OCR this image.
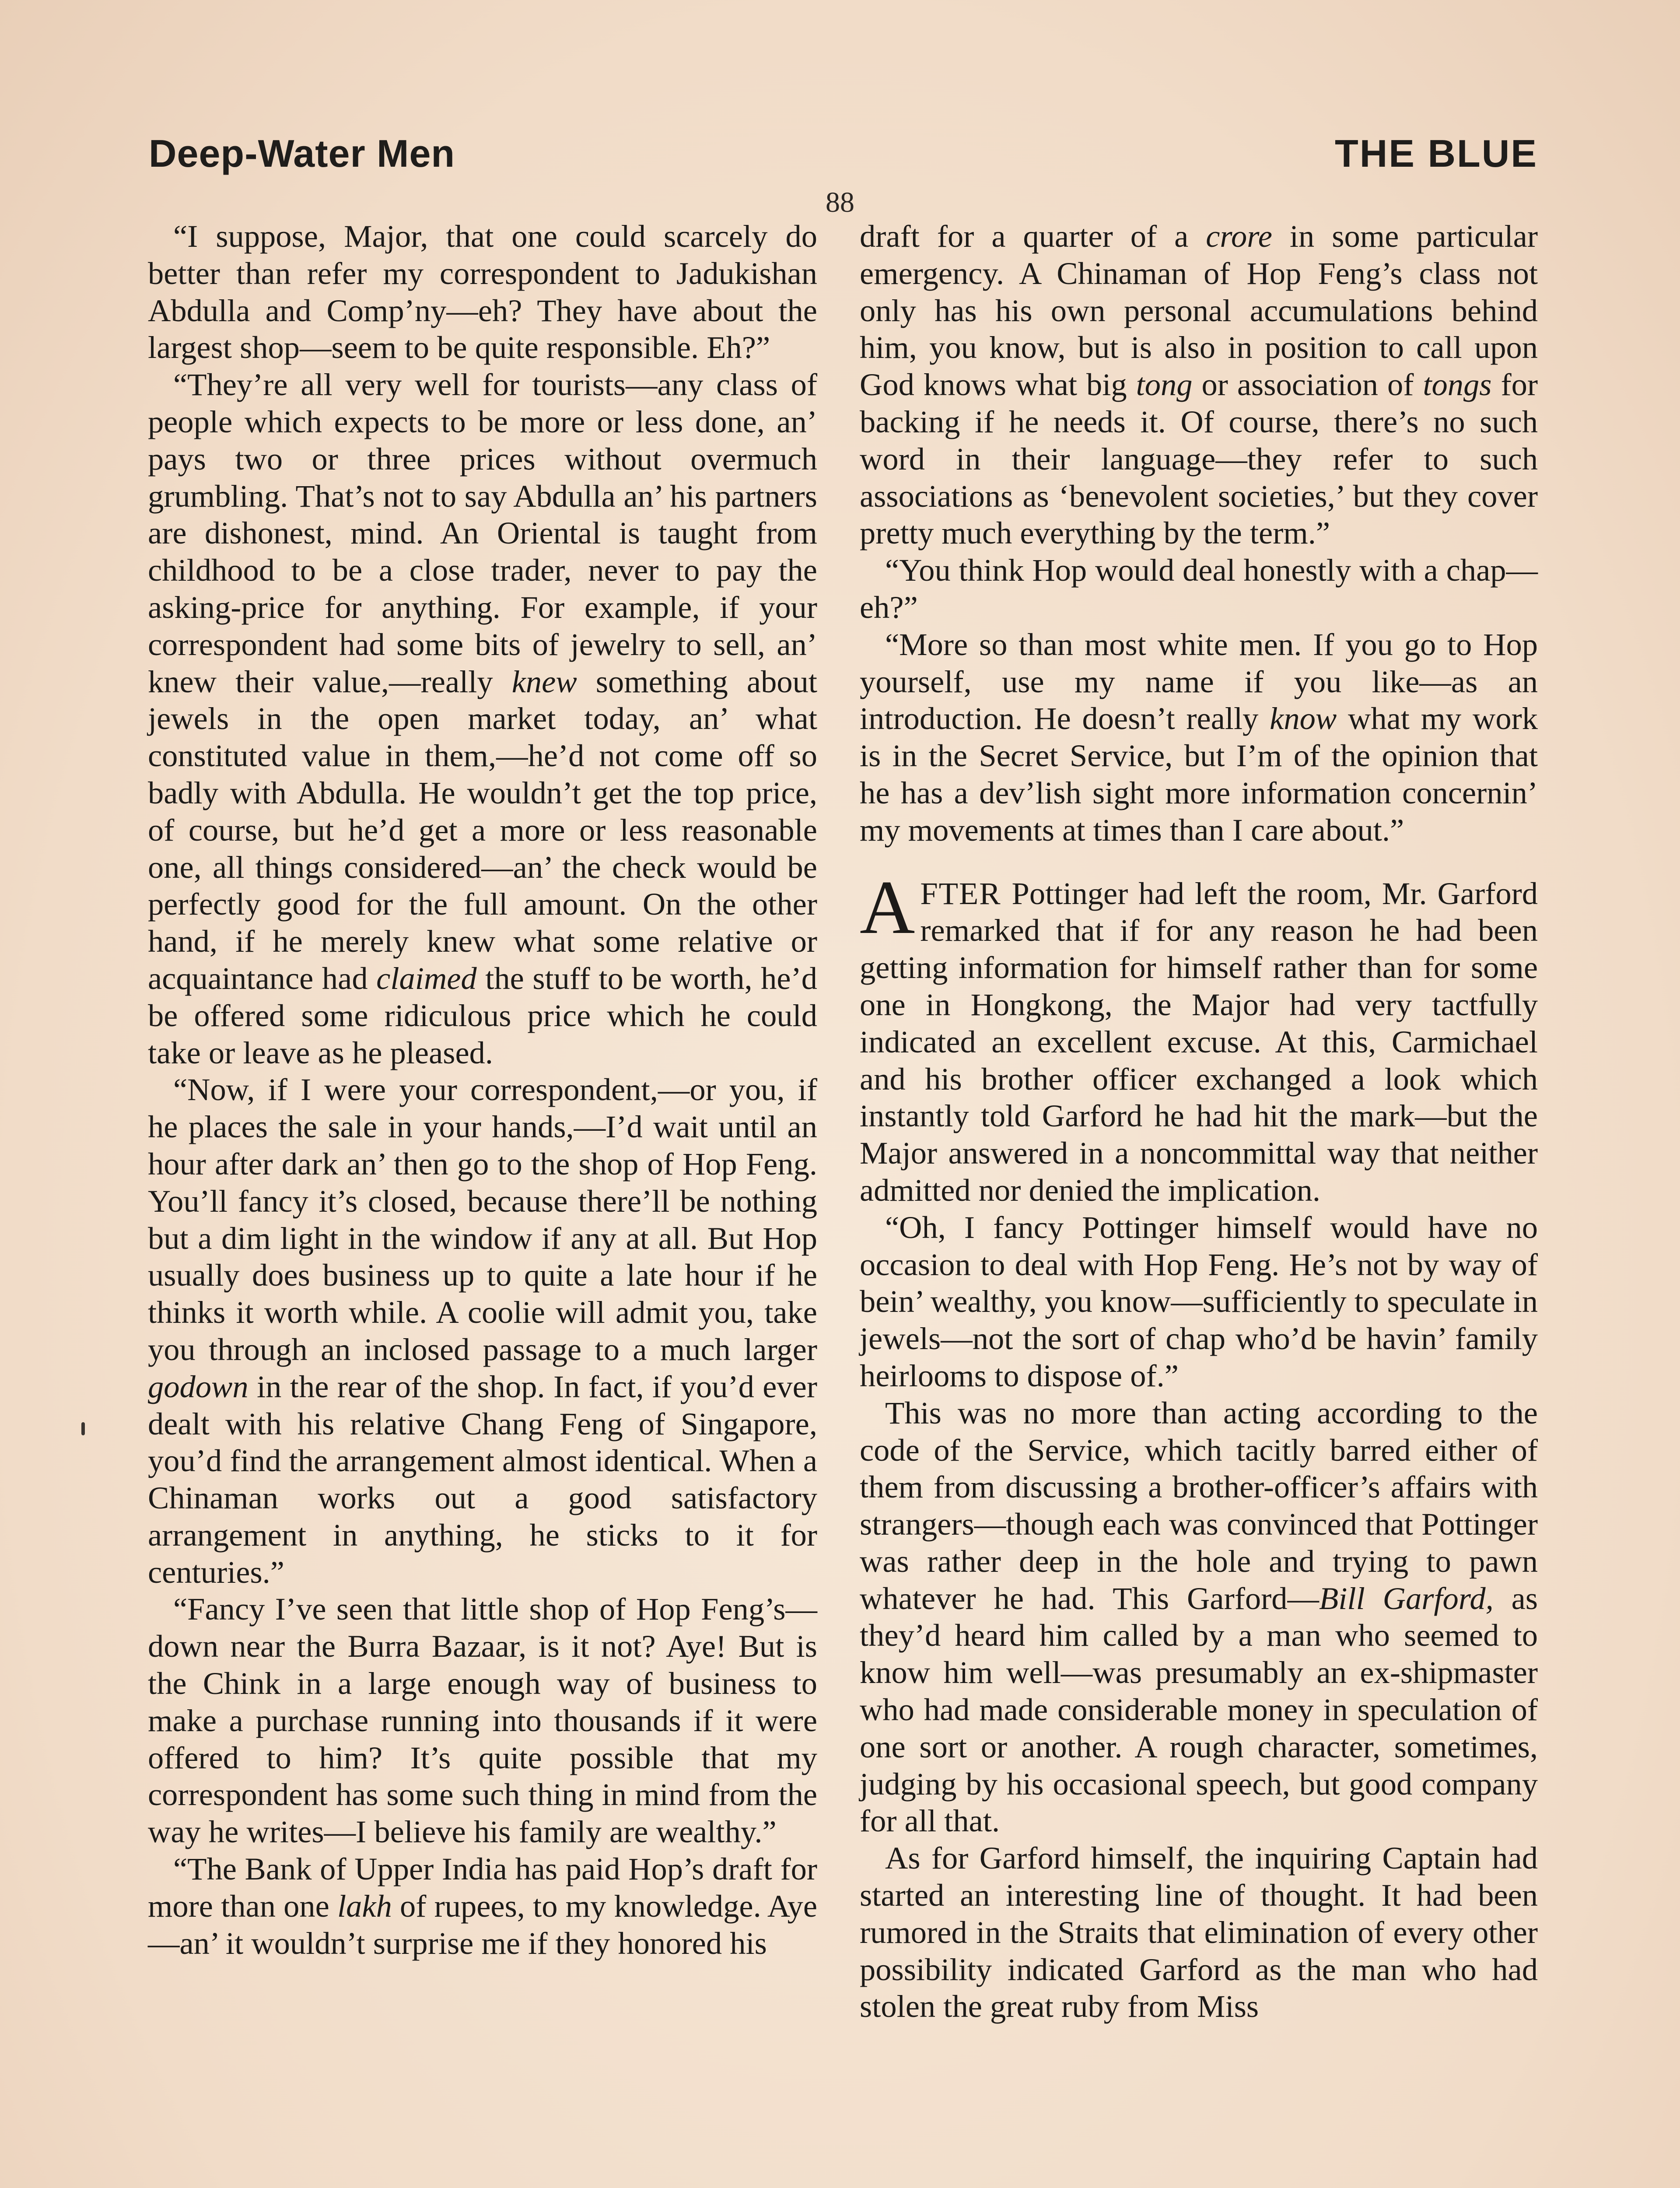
Deep-Water Men	THE BLUE
88

“I suppose, Major, that one could scarcely do better than refer my correspondent to Jadukishan Abdulla and Comp’ny—eh? They have about the largest shop—seem to be quite responsible. Eh?”

“They’re all very well for tourists—any class of people which expects to be more or less done, an’ pays two or three prices without overmuch grumbling. That’s not to say Abdulla an’ his partners are dishonest, mind. An Oriental is taught from childhood to be a close trader, never to pay the asking-price for anything. For example, if your correspondent had some bits of jewelry to sell, an’ knew their value,—really knew something about jewels in the open market today, an’ what constituted value in them,—he’d not come off so badly with Abdulla. He wouldn’t get the top price, of course, but he’d get a more or less reasonable one, all things considered—an’ the check would be perfectly good for the full amount. On the other hand, if he merely knew what some relative or acquaintance had claimed the stuff to be worth, he’d be offered some ridiculous price which he could take or leave as he pleased.

“Now, if I were your correspondent,—or you, if he places the sale in your hands,—I’d wait until an hour after dark an’ then go to the shop of Hop Feng. You’ll fancy it’s closed, because there’ll be nothing but a dim light in the window if any at all. But Hop usually does business up to quite a late hour if he thinks it worth while. A coolie will admit you, take you through an inclosed passage to a much larger godown in the rear of the shop. In fact, if you’d ever dealt with his relative Chang Feng of Singapore, you’d find the arrangement almost identical. When a Chinaman works out a good satisfactory arrangement in anything, he sticks to it for centuries.”

“Fancy I’ve seen that little shop of Hop Feng’s—down near the Burra Bazaar, is it not? Aye! But is the Chink in a large enough way of business to make a purchase running into thousands if it were offered to him? It’s quite possible that my correspondent has some such thing in mind from the way he writes—I believe his family are wealthy.”

“The Bank of Upper India has paid Hop’s draft for more than one lakh of rupees, to my knowledge. Aye—an’ it wouldn’t surprise me if they honored his

draft for a quarter of a crore in some particular emergency. A Chinaman of Hop Feng’s class not only has his own personal accumulations behind him, you know, but is also in position to call upon God knows what big tong or association of tongs for backing if he needs it. Of course, there’s no such word in their language—they refer to such associations as ‘benevolent societies,’ but they cover pretty much everything by the term.”

“You think Hop would deal honestly with a chap—eh?”

“More so than most white men. If you go to Hop yourself, use my name if you like—as an introduction. He doesn’t really know what my work is in the Secret Service, but I’m of the opinion that he has a dev’lish sight more information concernin’ my movements at times than I care about.”

AFTER Pottinger had left the room, Mr. Garford remarked that if for any reason he had been getting information for himself rather than for some one in Hongkong, the Major had very tactfully indicated an excellent excuse. At this, Carmichael and his brother officer exchanged a look which instantly told Garford he had hit the mark—but the Major answered in a noncommittal way that neither admitted nor denied the implication.

“Oh, I fancy Pottinger himself would have no occasion to deal with Hop Feng. He’s not by way of bein’ wealthy, you know—sufficiently to speculate in jewels—not the sort of chap who’d be havin’ family heirlooms to dispose of.”

This was no more than acting according to the code of the Service, which tacitly barred either of them from discussing a brother-officer’s affairs with strangers—though each was convinced that Pottinger was rather deep in the hole and trying to pawn whatever he had. This Garford—Bill Garford, as they’d heard him called by a man who seemed to know him well—was presumably an ex-shipmaster who had made considerable money in speculation of one sort or another. A rough character, sometimes, judging by his occasional speech, but good company for all that.

As for Garford himself, the inquiring Captain had started an interesting line of thought. It had been rumored in the Straits that elimination of every other possibility indicated Garford as the man who had stolen the great ruby from Miss
